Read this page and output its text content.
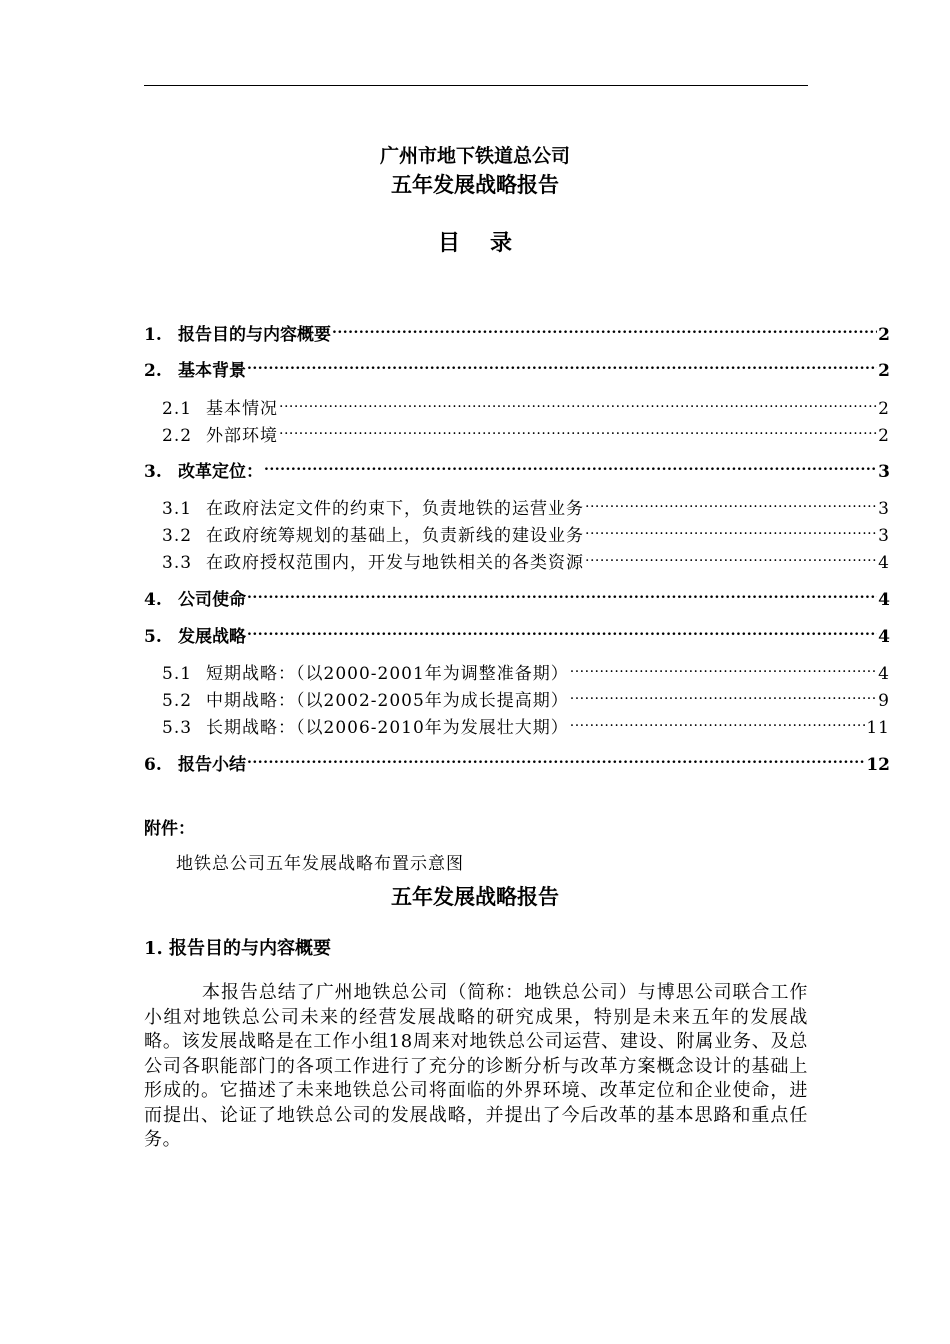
广州市地下铁道总公司
五年发展战略报告
目录
1. 报告目的与内容概要 .....	2
2. 基本背景 .....	2
2.1 基本情况 .....	2
2.2 外部环境 .....	2
3. 改革定位： .....	3
3.1 在政府法定文件的约束下，负责地铁的运营业务 .....	3
3.2 在政府统筹规划的基础上，负责新线的建设业务 .....	3
3.3 在政府授权范围内，开发与地铁相关的各类资源 .....	4
4. 公司使命 .....	4
5. 发展战略 .....	4
5.1 短期战略：（以2000-2001年为调整准备期） .....	4
5.2 中期战略：（以2002-2005年为成长提高期） .....	9
5.3 长期战略：（以2006-2010年为发展壮大期） .....	11
6. 报告小结 .....	12
附件：
地铁总公司五年发展战略布置示意图
五年发展战略报告
1. 报告目的与内容概要
本报告总结了广州地铁总公司（简称：地铁总公司）与博思公司联合工作小组对地铁总公司未来的经营发展战略的研究成果，特别是未来五年的发展战略。该发展战略是在工作小组18周来对地铁总公司运营、建设、附属业务、及总公司各职能部门的各项工作进行了充分的诊断分析与改革方案概念设计的基础上形成的。它描述了未来地铁总公司将面临的外界环境、改革定位和企业使命，进而提出、论证了地铁总公司的发展战略，并提出了今后改革的基本思路和重点任务。
